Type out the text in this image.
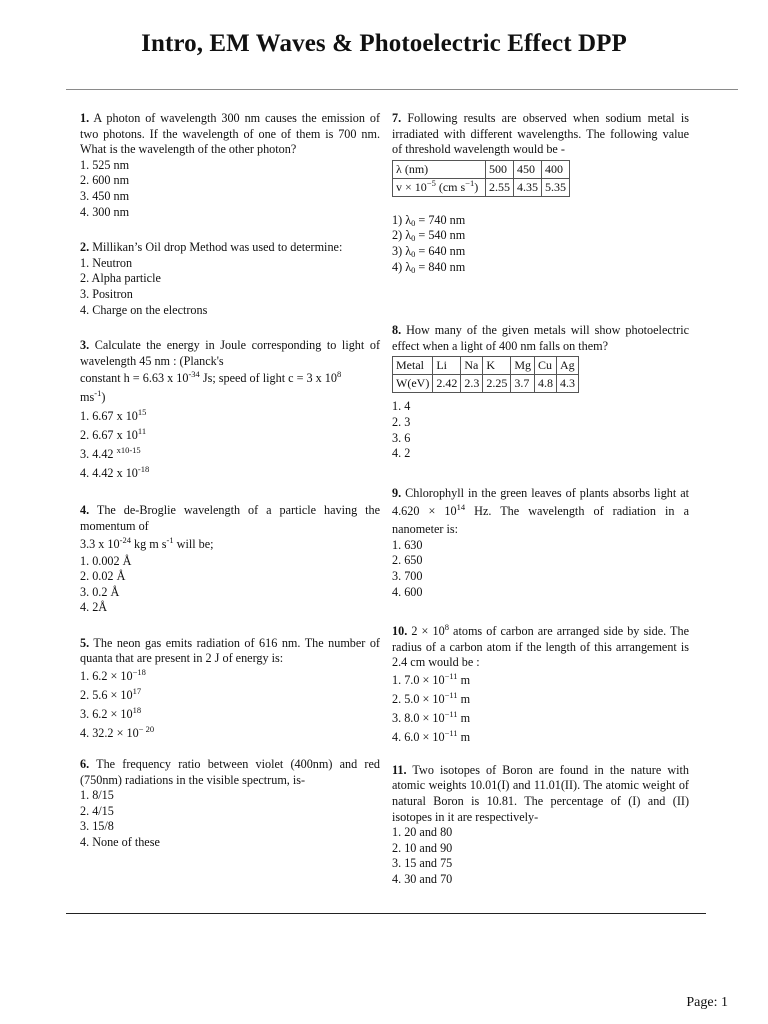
Intro, EM Waves & Photoelectric Effect DPP
1. A photon of wavelength 300 nm causes the emission of two photons. If the wavelength of one of them is 700 nm. What is the wavelength of the other photon?
1. 525 nm
2. 600 nm
3. 450 nm
4. 300 nm
2. Millikan’s Oil drop Method was used to determine:
1. Neutron
2. Alpha particle
3. Positron
4. Charge on the electrons
3. Calculate the energy in Joule corresponding to light of wavelength 45 nm : (Planck's
constant h = 6.63 x $10^{-34}$ Js; speed of light c = 3 x $10^8$
$ms^{-1}$)
1. 6.67 x $10^{15}$
2. 6.67 x $10^{11}$
3. 4.42 $^{x10-15}$
4. 4.42 x $10^{-18}$
4. The de-Broglie wavelength of a particle having the momentum of
3.3 x $10^{-24}$ kg m $s^{-1}$ will be;
1. 0.002 Å
2. 0.02 Å
3. 0.2 Å
4. 2Å
5. The neon gas emits radiation of 616 nm. The number of quanta that are present in 2 J of energy is:
1. $6.2 \times 10^{-18}$
2. $5.6 \times 10^{17}$
3. $6.2 \times 10^{18}$
4. $32.2 \times 10^{- 20}$
6. The frequency ratio between violet (400nm) and red (750nm) radiations in the visible spectrum, is-
1. 8/15
2. 4/15
3. 15/8
4. None of these
7. Following results are observed when sodium metal is irradiated with different wavelengths. The following value of threshold wavelength would be -
λ (nm)	500	450	400
$v \times 10^{-5}$ (cm $s^{-1}$)	2.55	4.35	5.35
1) $\lambda_0 = 740$ nm
2) $\lambda_0 = 540$ nm
3) $\lambda_0 = 640$ nm
4) $\lambda_0 = 840$ nm
8. How many of the given metals will show photoelectric effect when a light of 400 nm falls on them?
Metal	Li	Na	K	Mg	Cu	Ag
W(eV)	2.42	2.3	2.25	3.7	4.8	4.3
1. 4
2. 3
3. 6
4. 2
9. Chlorophyll in the green leaves of plants absorbs light at $4.620 \times 10^{14}$ Hz. The wavelength of radiation in a nanometer is:
1. 630
2. 650
3. 700
4. 600
10. $2 \times 10^8$ atoms of carbon are arranged side by side. The radius of a carbon atom if the length of this arrangement is 2.4 cm would be :
1. $7.0 \times 10^{-11}$ m
2. $5.0 \times 10^{-11}$ m
3. $8.0 \times 10^{-11}$ m
4. $6.0 \times 10^{-11}$ m
11. Two isotopes of Boron are found in the nature with atomic weights 10.01(I) and 11.01(II). The atomic weight of natural Boron is 10.81. The percentage of (I) and (II) isotopes in it are respectively-
1. 20 and 80
2. 10 and 90
3. 15 and 75
4. 30 and 70
Page: 1
